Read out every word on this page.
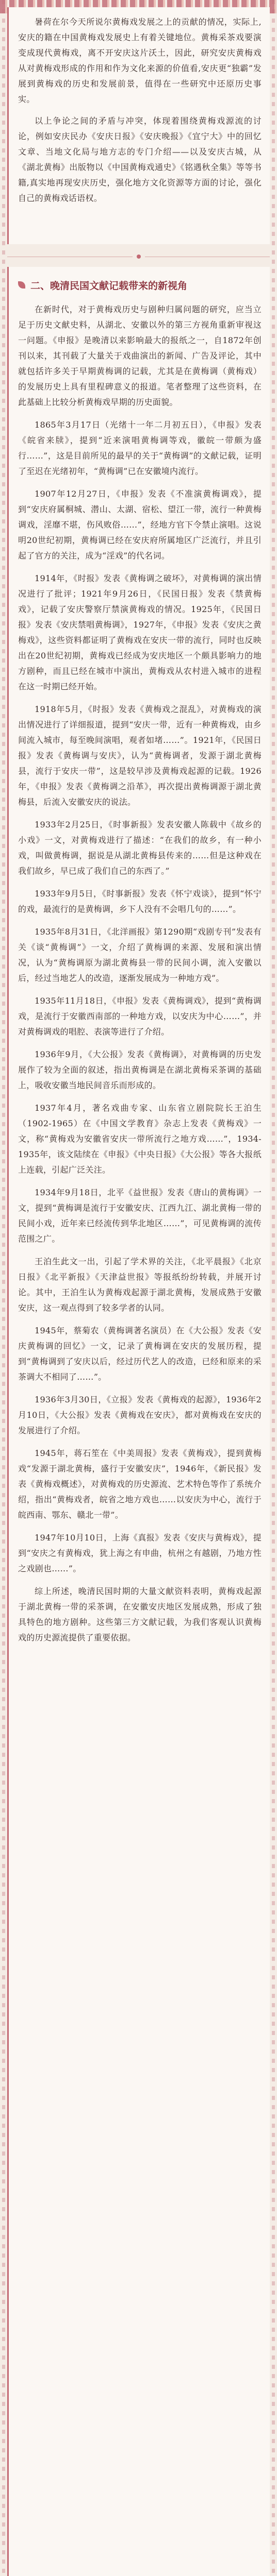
暑荷在尔今天所说尔黄梅戏发展之上的贡献的情况，实际上,安庆的籍在中国黄梅戏发展史上有着关键地位。黄梅采茶戏要演变成现代黄梅戏，离不开安庆这片沃土，因此，研究安庆黄梅戏从对黄梅戏形成的作用和作为文化来源的价值看,安庆更“独霸”发展到黄梅戏的历史和发展前景，值得在一些研究中还原历史事实。

以上争论之间的矛盾与冲突，体现着围绕黄梅戏源流的讨论，例如安庆民办《安庆日报》《安庆晚报》《宜宁大》中的回忆文章、当地文化局与地方志的专门介绍——以及安庆古城，从《湖北黄梅》出版物以《中国黄梅戏通史》《铭遇秋全集》等等书籍,真实地再现安庆历史，强化地方文化资源等方面的讨论，强化自己的黄梅戏话语权。

二、晚清民国文献记载带来的新视角

在新时代，对于黄梅戏历史与剧种归属问题的研究，应当立足于历史文献史料，从湖北、安徽以外的第三方视角重新审视这一问题。《申报》是晚清以来影响最大的报纸之一，自1872年创刊以来，其刊载了大量关于戏曲演出的新闻、广告及评论，其中就包括许多关于早期黄梅调的记载，尤其是在黄梅调（黄梅戏）的发展历史上具有里程碑意义的报道。笔者整理了这些资料，在此基础上比较分析黄梅戏早期的历史面貌。

1865年3月17日（光绪十一年二月初五日），《申报》发表《皖省来牍》，提到“近来演唱黄梅调等戏，徽皖一带颇为盛行……”，这是目前所见的最早的关于“黄梅调”的文献记载，证明了至迟在光绪初年，“黄梅调”已在安徽境内流行。

1907年12月27日，《申报》发表《不准演黄梅调戏》，提到“安庆府属桐城、潜山、太湖、宿松、望江一带，流行一种黄梅调戏，淫靡不堪，伤风败俗……”，经地方官下令禁止演唱。这说明20世纪初期，黄梅调已经在安庆府所属地区广泛流行，并且引起了官方的关注，成为“淫戏”的代名词。

1914年，《时报》发表《黄梅调之破坏》，对黄梅调的演出情况进行了批评；1921年9月26日，《民国日报》发表《禁黄梅戏》，记载了安庆警察厅禁演黄梅戏的情况。1925年，《民国日报》发表《安庆禁唱黄梅调》，1927年，《申报》发表《安庆之黄梅戏》，这些资料都证明了黄梅戏在安庆一带的流行，同时也反映出在20世纪初期，黄梅戏已经成为安庆地区一个颇具影响力的地方剧种，而且已经在城市中演出，黄梅戏从农村进入城市的进程在这一时期已经开始。

1918年5月，《时报》发表《黄梅戏之混乱》，对黄梅戏的演出情况进行了详细报道，提到“安庆一带，近有一种黄梅戏，由乡间流入城市，每至晚间演唱，观者如堵……”。1921年，《民国日报》发表《黄梅调与安庆》，认为“黄梅调者，发源于湖北黄梅县，流行于安庆一带”，这是较早涉及黄梅戏起源的记载。1926年，《申报》发表《黄梅调之沿革》，再次提出黄梅调源于湖北黄梅县，后流入安徽安庆的说法。

1933年2月25日，《时事新报》发表安徽人陈载中《故乡的小戏》一文，对黄梅戏进行了描述：“在我们的故乡，有一种小戏，叫做黄梅调，据说是从湖北黄梅县传来的……但是这种戏在我们故乡，早已成了我们自己的东西了。”

1933年9月5日，《时事新报》发表《怀宁戏谈》，提到“怀宁的戏，最流行的是黄梅调，乡下人没有不会唱几句的……”。

1935年8月31日，《北洋画报》第1290期“戏剧专刊”发表有关《谈“黄梅调”》一文，介绍了黄梅调的来源、发展和演出情况，认为“黄梅调原为湖北黄梅县一带的民间小调，流入安徽以后，经过当地艺人的改造，逐渐发展成为一种地方戏”。

1935年11月18日，《申报》发表《黄梅调戏》，提到“黄梅调戏，是流行于安徽西南部的一种地方戏，以安庆为中心……”，并对黄梅调戏的唱腔、表演等进行了介绍。

1936年9月，《大公报》发表《黄梅调》，对黄梅调的历史发展作了较为全面的叙述，指出黄梅调是在湖北黄梅采茶调的基础上，吸收安徽当地民间音乐而形成的。

1937年4月，著名戏曲专家、山东省立剧院院长王泊生（1902-1965）在《中国文学教育》杂志上发表《黄梅戏》一文，称“黄梅戏为安徽省安庆一带所流行之地方戏……”，1934-1935年，该文陆续在《申报》《中央日报》《大公报》等各大报纸上连载，引起广泛关注。

1934年9月18日，北平《益世报》发表《唐山的黄梅调》一文，提到“黄梅调是流行于安徽安庆、江西九江、湖北黄梅一带的民间小戏，近年来已经流传到华北地区……”，可见黄梅调的流传范围之广。

王泊生此文一出，引起了学术界的关注，《北平晨报》《北京日报》《北平新报》《天津益世报》等报纸纷纷转载，并展开讨论。其中，王泊生认为黄梅戏起源于湖北黄梅，发展成熟于安徽安庆，这一观点得到了较多学者的认同。

1945年，蔡菊农（黄梅调著名演员）在《大公报》发表《安庆黄梅调的回忆》一文，记录了黄梅调在安庆的发展历程，提到“黄梅调到了安庆以后，经过历代艺人的改造，已经和原来的采茶调大不相同了……”。

1936年3月30日，《立报》发表《黄梅戏的起源》，1936年2月10日，《大公报》发表《黄梅戏在安庆》，都对黄梅戏在安庆的发展进行了介绍。

1945年，蒋石笙在《中美周报》发表《黄梅戏》，提到黄梅戏“发源于湖北黄梅，盛行于安徽安庆”，1946年，《新民报》发表《黄梅戏概述》，对黄梅戏的历史源流、艺术特色等作了系统介绍，指出“黄梅戏者，皖省之地方戏也……以安庆为中心，流行于皖西南、鄂东、赣北一带”。

1947年10月10日，上海《真报》发表《安庆与黄梅戏》，提到“安庆之有黄梅戏，犹上海之有申曲，杭州之有越剧，乃地方性之戏剧也……”。

综上所述，晚清民国时期的大量文献资料表明，黄梅戏起源于湖北黄梅一带的采茶调，在安徽安庆地区发展成熟，形成了独具特色的地方剧种。这些第三方文献记载，为我们客观认识黄梅戏的历史源流提供了重要依据。
